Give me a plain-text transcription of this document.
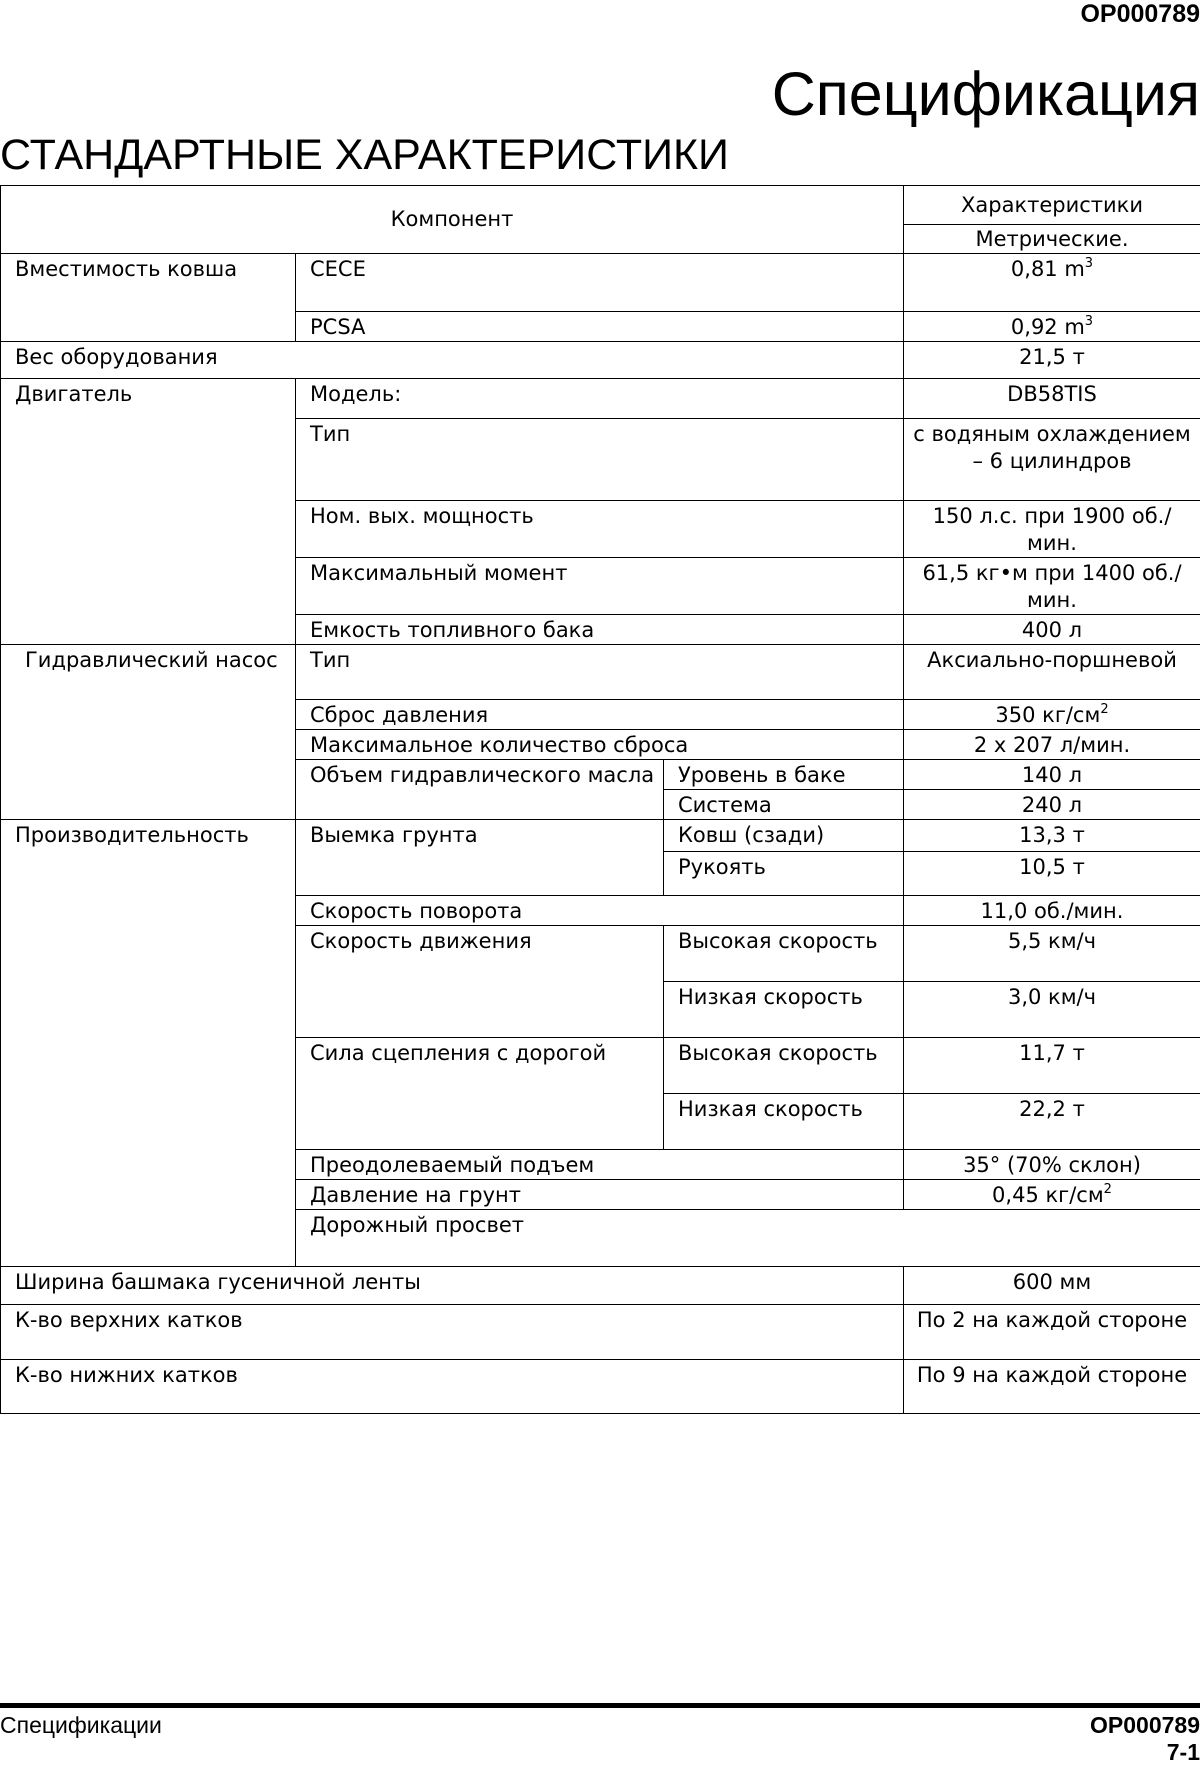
OP000789
Спецификация
СТАНДАРТНЫЕ ХАРАКТЕРИСТИКИ
Компонент			Характеристики	
			Метрические.	
Вместимость ковша	CECE		0,81 $m^3$
	PCSA		0,92 $m^3$
Вес оборудования			21,5 т	
Двигатель	Модель:		DB58TIS	
	Тип		с водяным охлаждением – 6 цилиндров	
	Ном. вых. мощность		150 л.с. при 1900 об./мин.	
	Максимальный момент		61,5 кг•м при 1400 об./мин.	
	Емкость топливного бака		400 л	
Гидравлический насос	Тип		Аксиально-поршневой	
	Сброс давления		350 $кг/см^2$
	Максимальное количество сброса		2 x 207 л/мин.	
	Объем гидравлического масла	Уровень в баке	140 л	
		Система	240 л	
Производительность	Выемка грунта	Ковш (сзади)	13,3 т	
		Рукоять	10,5 т	
	Скорость поворота		11,0 об./мин.	
	Скорость движения	Высокая скорость	5,5 км/ч	
		Низкая скорость	3,0 км/ч	
	Сила сцепления с дорогой	Высокая скорость	11,7 т	
		Низкая скорость	22,2 т	
	Преодолеваемый подъем		35° (70% склон)	
	Давление на грунт		0,45 $кг/см^2$
	Дорожный просвет	
Ширина башмака гусеничной ленты			600 мм	
К-во верхних катков			По 2 на каждой стороне	
К-во нижних катков			По 9 на каждой стороне	
Спецификации	OP000789
7-1
